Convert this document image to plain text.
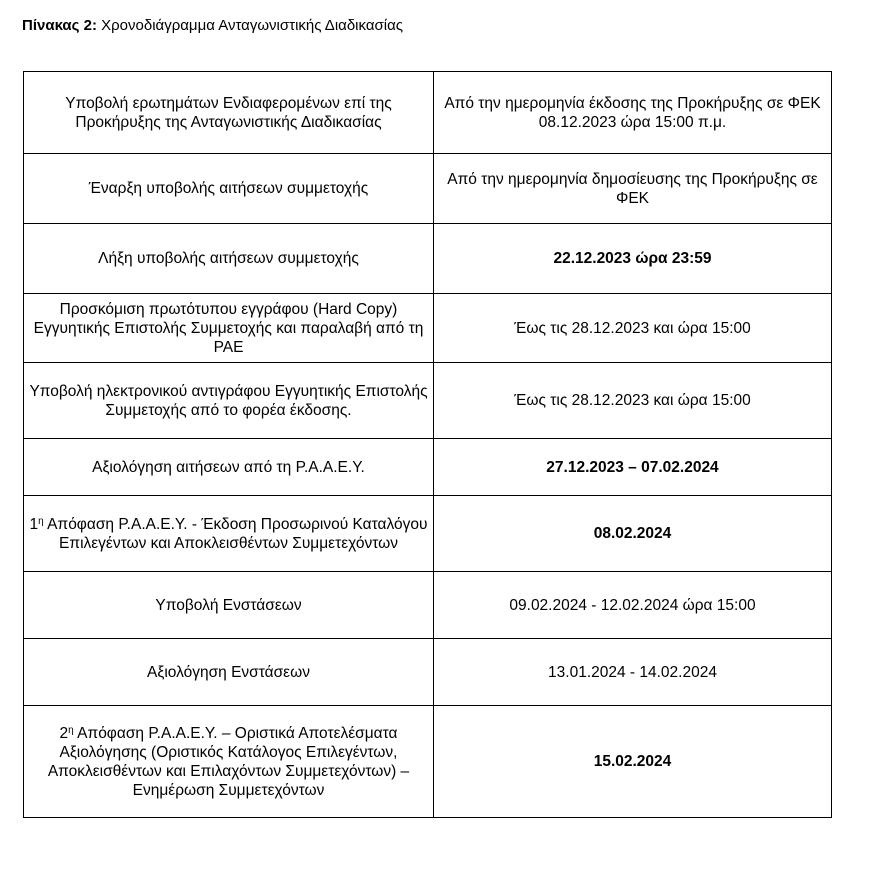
Πίνακας 2: Χρονοδιάγραμμα Ανταγωνιστικής Διαδικασίας
Υποβολή ερωτημάτων Ενδιαφερομένων επί της Προκήρυξης της Ανταγωνιστικής Διαδικασίας	Από την ημερομηνία έκδοσης της Προκήρυξης σε ΦΕΚ 08.12.2023 ώρα 15:00 π.μ.
Έναρξη υποβολής αιτήσεων συμμετοχής	Από την ημερομηνία δημοσίευσης της Προκήρυξης σε ΦΕΚ
Λήξη υποβολής αιτήσεων συμμετοχής	22.12.2023 ώρα 23:59
Προσκόμιση πρωτότυπου εγγράφου (Hard Copy) Εγγυητικής Επιστολής Συμμετοχής και παραλαβή από τη ΡΑΕ	Έως τις 28.12.2023 και ώρα 15:00
Υποβολή ηλεκτρονικού αντιγράφου Εγγυητικής Επιστολής Συμμετοχής από το φορέα έκδοσης.	Έως τις 28.12.2023 και ώρα 15:00
Αξιολόγηση αιτήσεων από τη Ρ.Α.Α.Ε.Υ.	27.12.2023 – 07.02.2024
$1^\eta$ Απόφαση Ρ.Α.Α.Ε.Υ. - Έκδοση Προσωρινού Καταλόγου Επιλεγέντων και Αποκλεισθέντων Συμμετεχόντων	08.02.2024
Υποβολή Ενστάσεων	09.02.2024 - 12.02.2024 ώρα 15:00
Αξιολόγηση Ενστάσεων	13.01.2024 - 14.02.2024
$2^\eta$ Απόφαση Ρ.Α.Α.Ε.Υ. – Οριστικά Αποτελέσματα Αξιολόγησης (Οριστικός Κατάλογος Επιλεγέντων, Αποκλεισθέντων και Επιλαχόντων Συμμετεχόντων) – Ενημέρωση Συμμετεχόντων	15.02.2024
